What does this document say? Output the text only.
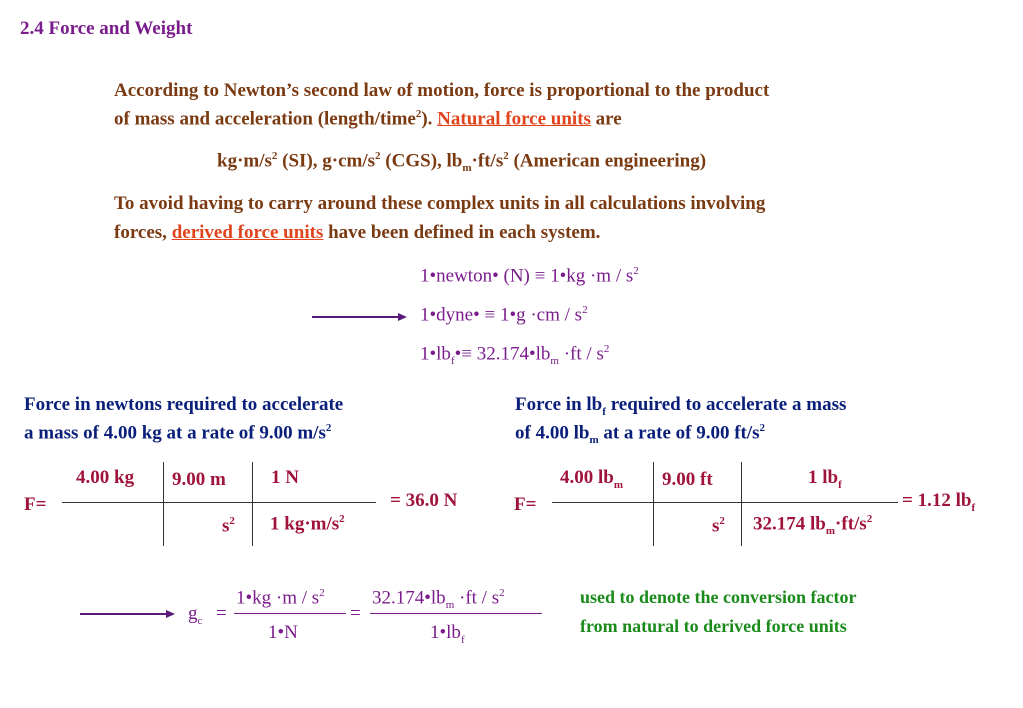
2.4 Force and Weight
According to Newton’s second law of motion, force is proportional to the product
of mass and acceleration (length/time$^2$). Natural force units are
$kg\cdot m/s^2$ (SI), $g\cdot cm/s^2$ (CGS), $lb_m\cdot ft/s^2$ (American engineering)
To avoid having to carry around these complex units in all calculations involving
forces, derived force units have been defined in each system.
1•newton• (N) ≡ 1•kg $\cdot m / s^2$
1•dyne• ≡ 1•g $\cdot cm / s^2$
$1•lb_f•\equiv$ $32.174•lb_m \cdot ft / s^2$
Force in newtons required to accelerate
a mass of 4.00 kg at a rate of 9.00 $m/s^2$
F=
4.00 kg 9.00 m 1 N
$s^2$ 1 $kg\cdot m/s^2$
= 36.0 N
Force in $lb_f$ required to accelerate a mass
of 4.00 $lb_m$ at a rate of 9.00 $ft/s^2$
F=
4.00 $lb_m$ 9.00 ft	1 $lb_f$
$s^2$ 32.174 $lb_m\cdot ft/s^2$
= 1.12 $lb_f$
$g_c$ =
1•kg $\cdot m / s^2$
1•N
=
$32.174•lb_m \cdot ft / s^2$
$1•lb_f$
used to denote the conversion factor
from natural to derived force units
